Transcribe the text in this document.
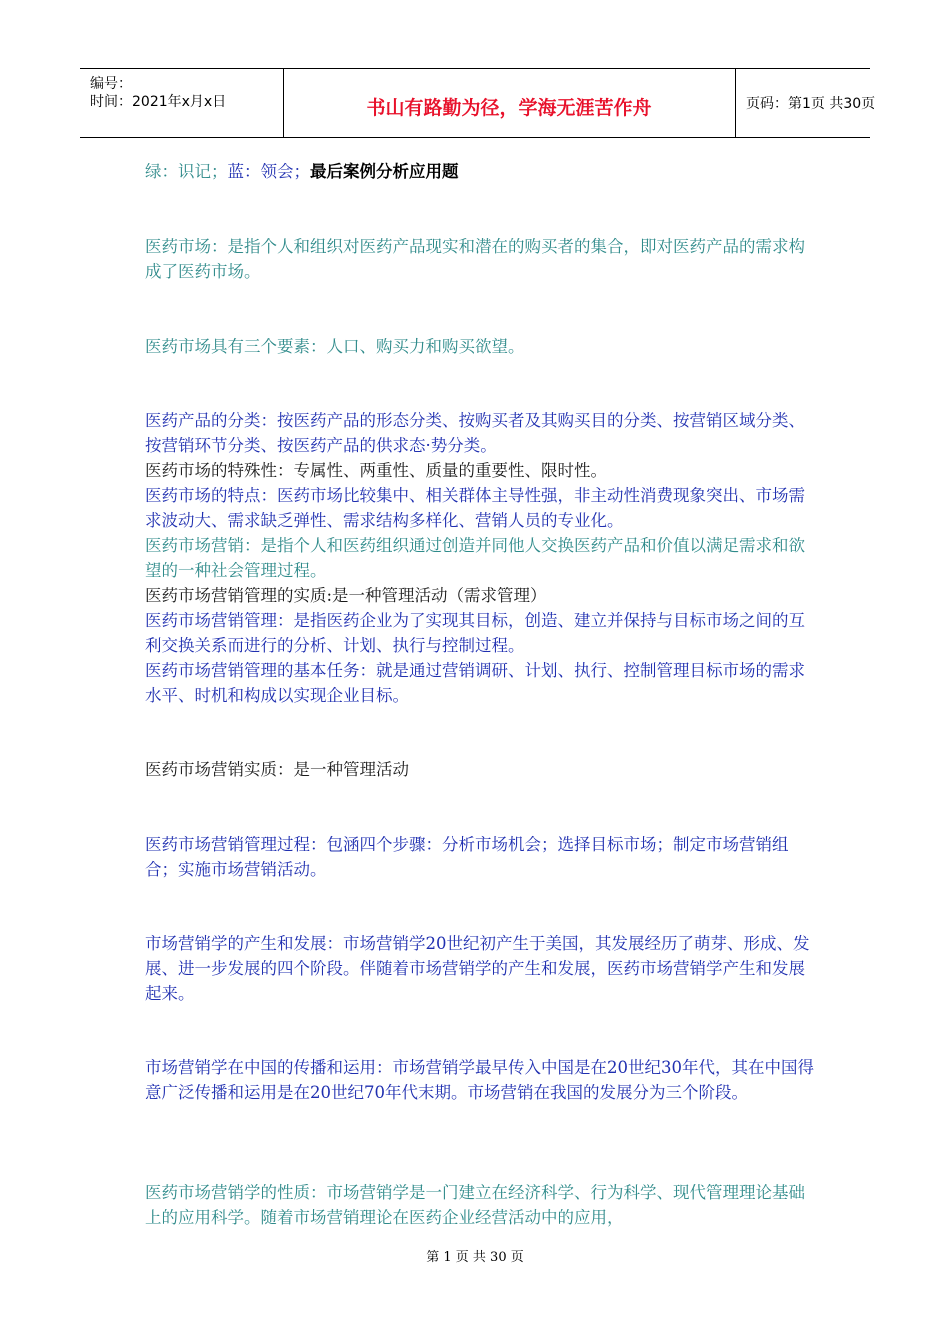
编号：
时间：2021年x月x日	书山有路勤为径，学海无涯苦作舟	页码：第1页 共30页
绿：识记；蓝：领会；最后案例分析应用题

医药市场：是指个人和组织对医药产品现实和潜在的购买者的集合，即对医药产品的需求构成了医药市场。

医药市场具有三个要素：人口、购买力和购买欲望。

医药产品的分类：按医药产品的形态分类、按购买者及其购买目的分类、按营销区域分类、按营销环节分类、按医药产品的供求态·势分类。

医药市场的特殊性：专属性、两重性、质量的重要性、限时性。

医药市场的特点：医药市场比较集中、相关群体主导性强，非主动性消费现象突出、市场需求波动大、需求缺乏弹性、需求结构多样化、营销人员的专业化。

医药市场营销：是指个人和医药组织通过创造并同他人交换医药产品和价值以满足需求和欲望的一种社会管理过程。

医药市场营销管理的实质:是一种管理活动（需求管理）

医药市场营销管理：是指医药企业为了实现其目标，创造、建立并保持与目标市场之间的互利交换关系而进行的分析、计划、执行与控制过程。

医药市场营销管理的基本任务：就是通过营销调研、计划、执行、控制管理目标市场的需求水平、时机和构成以实现企业目标。

医药市场营销实质：是一种管理活动

医药市场营销管理过程：包涵四个步骤：分析市场机会；选择目标市场；制定市场营销组合；实施市场营销活动。

市场营销学的产生和发展：市场营销学20世纪初产生于美国，其发展经历了萌芽、形成、发展、进一步发展的四个阶段。伴随着市场营销学的产生和发展，医药市场营销学产生和发展起来。

市场营销学在中国的传播和运用：市场营销学最早传入中国是在20世纪30年代，其在中国得意广泛传播和运用是在20世纪70年代末期。市场营销在我国的发展分为三个阶段。

医药市场营销学的性质：市场营销学是一门建立在经济科学、行为科学、现代管理理论基础上的应用科学。随着市场营销理论在医药企业经营活动中的应用，

第 1 页 共 30 页
